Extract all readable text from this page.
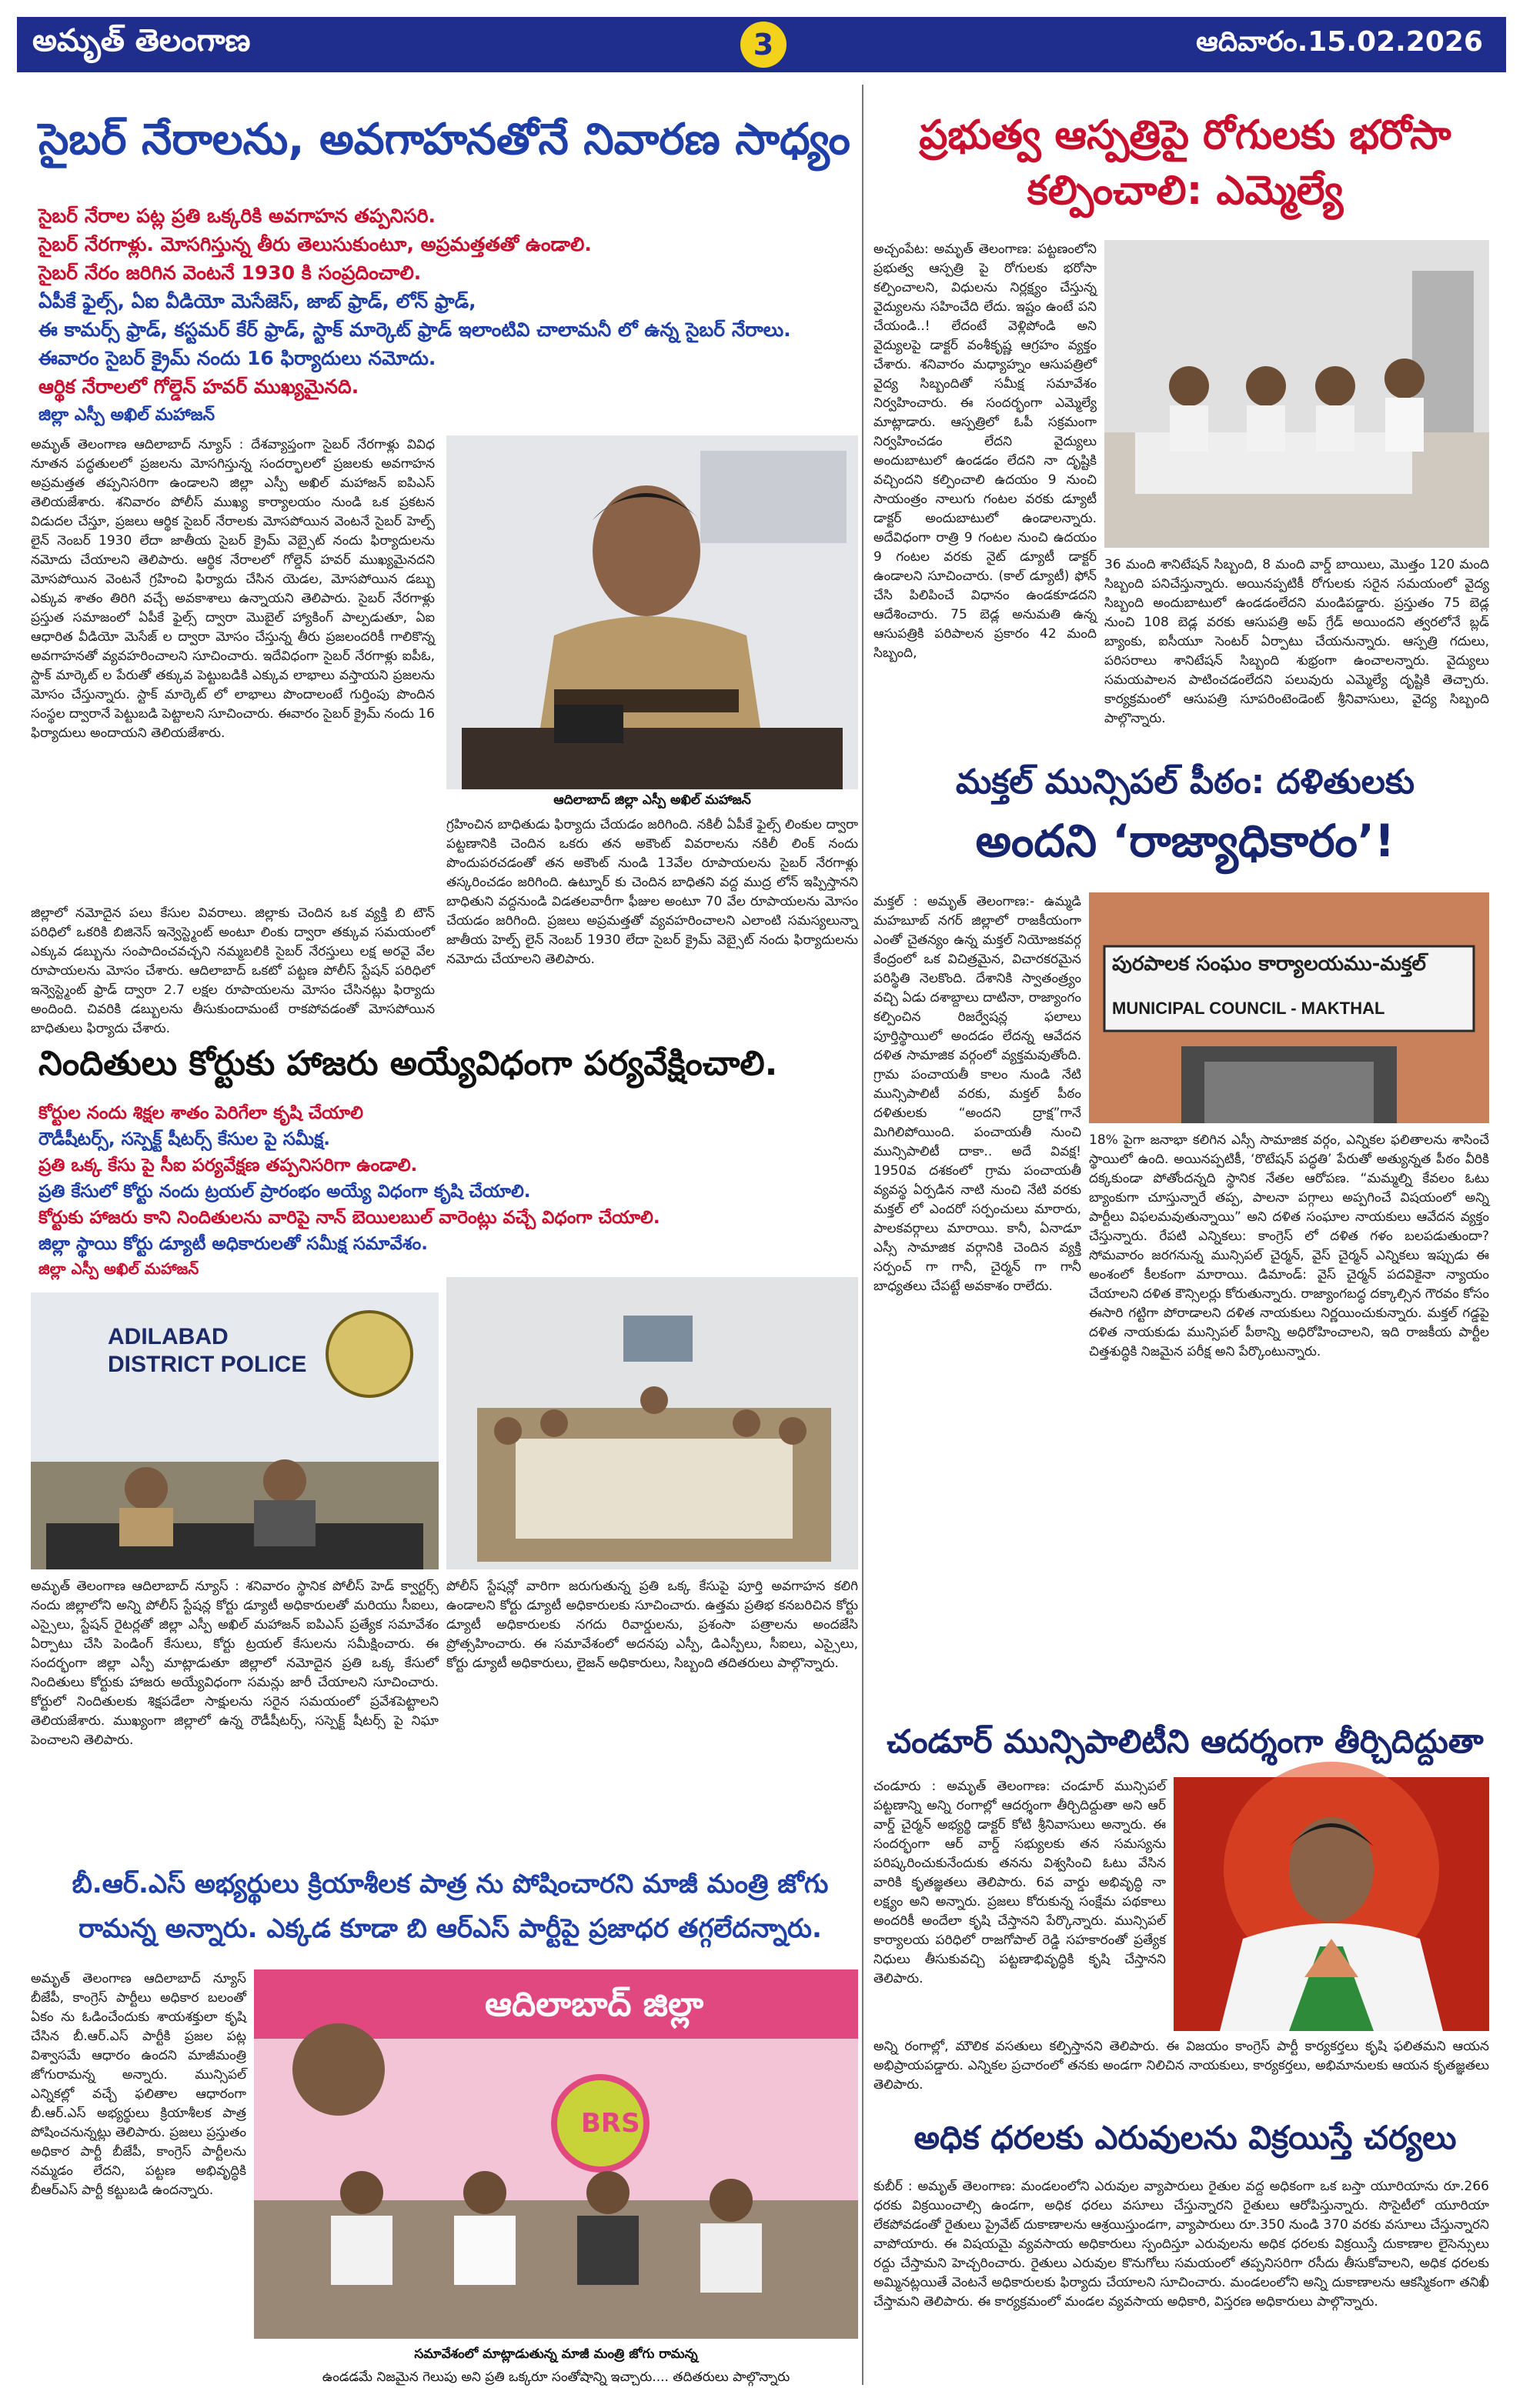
అమృత్ తెలంగాణ	3	ఆదివారం.15.02.2026
సైబర్ నేరాలను, అవగాహనతోనే నివారణ సాధ్యం

సైబర్ నేరాల పట్ల ప్రతి ఒక్కరికి అవగాహన తప్పనిసరి.

సైబర్ నేరగాళ్లు. మోసగిస్తున్న తీరు తెలుసుకుంటూ, అప్రమత్తతతో ఉండాలి.

సైబర్ నేరం జరిగిన వెంటనే 1930 కి సంప్రదించాలి.

ఏపీకే ఫైల్స్, ఏఐ వీడియో మెసేజెస్, జాబ్ ఫ్రాడ్, లోన్ ఫ్రాడ్,

ఈ కామర్స్ ఫ్రాడ్, కస్టమర్ కేర్ ఫ్రాడ్, స్టాక్ మార్కెట్ ఫ్రాడ్ ఇలాంటివి చాలామనీ లో ఉన్న సైబర్ నేరాలు.

ఈవారం సైబర్ క్రైమ్ నందు 16 ఫిర్యాదులు నమోదు.

ఆర్థిక నేరాలలో గోల్డెన్ హవర్ ముఖ్యమైనది.

జిల్లా ఎస్పీ అఖిల్ మహాజన్

అమృత్ తెలంగాణ ఆదిలాబాద్ న్యూస్ : దేశవ్యాప్తంగా సైబర్ నేరగాళ్లు వివిధ నూతన పద్ధతులలో ప్రజలను మోసగిస్తున్న సందర్భాలలో ప్రజలకు అవగాహన అప్రమత్తత తప్పనిసరిగా ఉండాలని జిల్లా ఎస్పీ అఖిల్ మహాజన్ ఐపిఎస్ తెలియజేశారు. శనివారం పోలీస్ ముఖ్య కార్యాలయం నుండి ఒక ప్రకటన విడుదల చేస్తూ, ప్రజలు ఆర్థిక సైబర్ నేరాలకు మోసపోయిన వెంటనే సైబర్ హెల్ప్ లైన్ నెంబర్ 1930 లేదా జాతీయ సైబర్ క్రైమ్ వెబ్సైట్ నందు ఫిర్యాదులను నమోదు చేయాలని తెలిపారు. ఆర్థిక నేరాలలో గోల్డెన్ హవర్ ముఖ్యమైనదని మోసపోయిన వెంటనే గ్రహించి ఫిర్యాదు చేసిన యెడల, మోసపోయిన డబ్బు ఎక్కువ శాతం తిరిగి వచ్చే అవకాశాలు ఉన్నాయని తెలిపారు. సైబర్ నేరగాళ్లు ప్రస్తుత సమాజంలో ఏపీకే ఫైల్స్ ద్వారా మొబైల్ హ్యాకింగ్ పాల్పడుతూ, ఏఐ ఆధారిత వీడియో మెసేజ్ ల ద్వారా మోసం చేస్తున్న తీరు ప్రజలందరికీ గాలికొన్న అవగాహనతో వ్యవహరించాలని సూచించారు. ఇదేవిధంగా సైబర్ నేరగాళ్లు ఐపీఓ, స్టాక్ మార్కెట్ ల పేరుతో తక్కువ పెట్టుబడికి ఎక్కువ లాభాలు వస్తాయని ప్రజలను మోసం చేస్తున్నారు. స్టాక్ మార్కెట్ లో లాభాలు పొందాలంటే గుర్తింపు పొందిన సంస్థల ద్వారానే పెట్టుబడి పెట్టాలని సూచించారు. ఈవారం సైబర్ క్రైమ్ నందు 16 ఫిర్యాదులు అందాయని తెలియజేశారు.
ఆదిలాబాద్ జిల్లా ఎస్పీ అఖిల్ మహాజన్
గ్రహించిన బాధితుడు ఫిర్యాదు చేయడం జరిగింది. నకిలీ ఏపీకే ఫైల్స్ లింకుల ద్వారా పట్టణానికి చెందిన ఒకరు తన అకౌంట్ వివరాలను నకిలీ లింక్ నందు పొందుపరచడంతో తన అకౌంట్ నుండి 13వేల రూపాయలను సైబర్ నేరగాళ్లు తస్కరించడం జరిగింది. ఉట్నూర్ కు చెందిన బాధితని వద్ద ముద్ర లోన్ ఇప్పిస్తానని బాధితుని వద్దనుండి విడతలవారీగా ఫీజుల అంటూ 70 వేల రూపాయలను మోసం చేయడం జరిగింది. ప్రజలు అప్రమత్తతో వ్యవహరించాలని ఎలాంటి సమస్యలున్నా జాతీయ హెల్ప్ లైన్ నెంబర్ 1930 లేదా సైబర్ క్రైమ్ వెబ్సైట్ నందు ఫిర్యాదులను నమోదు చేయాలని తెలిపారు.
జిల్లాలో నమోదైన పలు కేసుల వివరాలు. జిల్లాకు చెందిన ఒక వ్యక్తి బి టౌన్ పరిధిలో ఒకరికి బిజినెస్ ఇన్వెస్ట్మెంట్ అంటూ లింకు ద్వారా తక్కువ సమయంలో ఎక్కువ డబ్బును సంపాదించవచ్చని నమ్మబలికి సైబర్ నేరస్తులు లక్ష అరవై వేల రూపాయలను మోసం చేశారు. ఆదిలాబాద్ ఒకటో పట్టణ పోలీస్ స్టేషన్ పరిధిలో ఇన్వెస్ట్మెంట్ ఫ్రాడ్ ద్వారా 2.7 లక్షల రూపాయలను మోసం చేసినట్లు ఫిర్యాదు అందింది. చివరికి డబ్బులను తీసుకుందామంటే రాకపోవడంతో మోసపోయిన బాధితులు ఫిర్యాదు చేశారు.
నిందితులు కోర్టుకు హాజరు అయ్యేవిధంగా పర్యవేక్షించాలి.

కోర్టుల నందు శిక్షల శాతం పెరిగేలా కృషి చేయాలి

రౌడీషీటర్స్, సస్పెక్ట్ షీటర్స్ కేసుల పై సమీక్ష.

ప్రతి ఒక్క కేసు పై సీఐ పర్యవేక్షణ తప్పనిసరిగా ఉండాలి.

ప్రతి కేసులో కోర్టు నందు ట్రయల్ ప్రారంభం అయ్యే విధంగా కృషి చేయాలి.

కోర్టుకు హాజరు కాని నిందితులను వారిపై నాన్ బెయిలబుల్ వారెంట్లు వచ్చే విధంగా చేయాలి.

జిల్లా స్థాయి కోర్టు డ్యూటీ అధికారులతో సమీక్ష సమావేశం.

జిల్లా ఎస్పీ అఖిల్ మహాజన్

ADILABAD DISTRICT POLICE
అమృత్ తెలంగాణ ఆదిలాబాద్ న్యూస్ : శనివారం స్థానిక పోలీస్ హెడ్ క్వార్టర్స్ నందు జిల్లాలోని అన్ని పోలీస్ స్టేషన్ల కోర్టు డ్యూటీ అధికారులతో మరియు సీఐలు, ఎస్సైలు, స్టేషన్ రైటర్లతో జిల్లా ఎస్పీ అఖిల్ మహాజన్ ఐపిఎస్ ప్రత్యేక సమావేశం ఏర్పాటు చేసి పెండింగ్ కేసులు, కోర్టు ట్రయల్ కేసులను సమీక్షించారు. ఈ సందర్భంగా జిల్లా ఎస్పీ మాట్లాడుతూ జిల్లాలో నమోదైన ప్రతి ఒక్క కేసులో నిందితులు కోర్టుకు హాజరు అయ్యేవిధంగా సమన్లు జారీ చేయాలని సూచించారు. కోర్టులో నిందితులకు శిక్షపడేలా సాక్షులను సరైన సమయంలో ప్రవేశపెట్టాలని తెలియజేశారు. ముఖ్యంగా జిల్లాలో ఉన్న రౌడీషీటర్స్, సస్పెక్ట్ షీటర్స్ పై నిఘా పెంచాలని తెలిపారు.
పోలీస్ స్టేషన్లో వారిగా జరుగుతున్న ప్రతి ఒక్క కేసుపై పూర్తి అవగాహన కలిగి ఉండాలని కోర్టు డ్యూటీ అధికారులకు సూచించారు. ఉత్తమ ప్రతిభ కనబరిచిన కోర్టు డ్యూటీ అధికారులకు నగదు రివార్డులను, ప్రశంసా పత్రాలను అందజేసి ప్రోత్సహించారు. ఈ సమావేశంలో అదనపు ఎస్పీ, డిఎస్పీలు, సీఐలు, ఎస్సైలు, కోర్టు డ్యూటీ అధికారులు, లైజన్ అధికారులు, సిబ్బంది తదితరులు పాల్గొన్నారు.
బీ.ఆర్.ఎస్ అభ్యర్థులు క్రియాశీలక పాత్ర ను పోషించారని మాజీ మంత్రి జోగు రామన్న అన్నారు. ఎక్కడ కూడా బి ఆర్ఎస్ పార్టీపై ప్రజాధర తగ్గలేదన్నారు.
అమృత్ తెలంగాణ ఆదిలాబాద్ న్యూస్ బీజేపీ, కాంగ్రెస్ పార్టీలు అధికార బలంతో ఏకం ను ఓడించేందుకు శాయశక్తులా కృషి చేసిన బీ.ఆర్.ఎస్ పార్టీకి ప్రజల పట్ల విశ్వాసమే ఆధారం ఉందని మాజీమంత్రి జోగురామన్న అన్నారు. మున్సిపల్ ఎన్నికల్లో వచ్చే ఫలితాల ఆధారంగా బీ.ఆర్.ఎస్ అభ్యర్థులు క్రియాశీలక పాత్ర పోషించనున్నట్లు తెలిపారు. ప్రజలు ప్రస్తుతం అధికార పార్టీ బీజేపీ, కాంగ్రెస్ పార్టీలను నమ్మడం లేదని, పట్టణ అభివృద్ధికి బీఆర్ఎస్ పార్టీ కట్టుబడి ఉందన్నారు.
ఆదిలాబాద్ జిల్లా
BRS
సమావేశంలో మాట్లాడుతున్న మాజీ మంత్రి జోగు రామన్న
ఉండడమే నిజమైన గెలుపు అని ప్రతి ఒక్కరూ సంతోషాన్ని ఇచ్చారు.... తదితరులు పాల్గొన్నారు
ప్రభుత్వ ఆస్పత్రిపై రోగులకు భరోసా కల్పించాలి: ఎమ్మెల్యే
అచ్చంపేట: అమృత్ తెలంగాణ: పట్టణంలోని ప్రభుత్వ ఆస్పత్రి పై రోగులకు భరోసా కల్పించాలని, విధులను నిర్లక్ష్యం చేస్తున్న వైద్యులను సహించేది లేదు. ఇష్టం ఉంటే పని చేయండి..! లేదంటే వెళ్లిపోండి అని వైద్యులపై డాక్టర్ వంశీకృష్ణ ఆగ్రహం వ్యక్తం చేశారు. శనివారం మధ్యాహ్నం ఆసుపత్రిలో వైద్య సిబ్బందితో సమీక్ష సమావేశం నిర్వహించారు. ఈ సందర్భంగా ఎమ్మెల్యే మాట్లాడారు. ఆస్పత్రిలో ఓపీ సక్రమంగా నిర్వహించడం లేదని వైద్యులు అందుబాటులో ఉండడం లేదని నా దృష్టికి వచ్చిందని కల్పించాలి ఉదయం 9 నుంచి సాయంత్రం నాలుగు గంటల వరకు డ్యూటీ డాక్టర్ అందుబాటులో ఉండాలన్నారు. అదేవిధంగా రాత్రి 9 గంటల నుంచి ఉదయం 9 గంటల వరకు నైట్ డ్యూటీ డాక్టర్ ఉండాలని సూచించారు. (కాల్ డ్యూటీ) ఫోన్ చేసి పిలిపించే విధానం ఉండకూడదని ఆదేశించారు. 75 బెడ్ల అనుమతి ఉన్న ఆసుపత్రికి పరిపాలన ప్రకారం 42 మంది సిబ్బంది,
36 మంది శానిటేషన్ సిబ్బంది, 8 మంది వార్డ్ బాయిలు, మొత్తం 120 మంది సిబ్బంది పనిచేస్తున్నారు. అయినప్పటికీ రోగులకు సరైన సమయంలో వైద్య సిబ్బంది అందుబాటులో ఉండడంలేదని మండిపడ్డారు. ప్రస్తుతం 75 బెడ్ల నుంచి 108 బెడ్ల వరకు ఆసుపత్రి అప్ గ్రేడ్ అయిందని త్వరలోనే బ్లడ్ బ్యాంకు, ఐసీయూ సెంటర్ ఏర్పాటు చేయనున్నారు. ఆస్పత్రి గదులు, పరిసరాలు శానిటేషన్ సిబ్బంది శుభ్రంగా ఉంచాలన్నారు. వైద్యులు సమయపాలన పాటించడంలేదని పలువురు ఎమ్మెల్యే దృష్టికి తెచ్చారు. కార్యక్రమంలో ఆసుపత్రి సూపరింటెండెంట్ శ్రీనివాసులు, వైద్య సిబ్బంది పాల్గొన్నారు.
మక్తల్ మున్సిపల్ పీఠం: దళితులకు
అందని ‘రాజ్యాధికారం’!
మక్తల్ : అమృత్ తెలంగాణ:- ఉమ్మడి మహబూబ్ నగర్ జిల్లాలో రాజకీయంగా ఎంతో చైతన్యం ఉన్న మక్తల్ నియోజకవర్గ కేంద్రంలో ఒక విచిత్రమైన, విచారకరమైన పరిస్థితి నెలకొంది. దేశానికి స్వాతంత్ర్యం వచ్చి ఏడు దశాబ్దాలు దాటినా, రాజ్యాంగం కల్పించిన రిజర్వేషన్ల ఫలాలు పూర్తిస్థాయిలో అందడం లేదన్న ఆవేదన దళిత సామాజిక వర్గంలో వ్యక్తమవుతోంది. గ్రామ పంచాయతీ కాలం నుండి నేటి మున్సిపాలిటీ వరకు, మక్తల్ పీఠం దళితులకు “అందని ద్రాక్ష”గానే మిగిలిపోయింది. పంచాయతీ నుంచి మున్సిపాలిటీ దాకా.. అదే వివక్ష! 1950వ దశకంలో గ్రామ పంచాయతీ వ్యవస్థ ఏర్పడిన నాటి నుంచి నేటి వరకు మక్తల్ లో ఎందరో సర్పంచులు మారారు, పాలకవర్గాలు మారాయి. కానీ, ఏనాడూ ఎస్సీ సామాజిక వర్గానికి చెందిన వ్యక్తి సర్పంచ్ గా గానీ, చైర్మన్ గా గానీ బాధ్యతలు చేపట్టే అవకాశం రాలేదు.
పురపాలక సంఘం కార్యాలయము-మక్తల్
MUNICIPAL COUNCIL - MAKTHAL
18% పైగా జనాభా కలిగిన ఎస్సీ సామాజిక వర్గం, ఎన్నికల ఫలితాలను శాసించే స్థాయిలో ఉంది. అయినప్పటికీ, ‘రొటేషన్ పద్ధతి’ పేరుతో అత్యున్నత పీఠం వీరికి దక్కకుండా పోతోందన్నది స్థానిక నేతల ఆరోపణ. “మమ్మల్ని కేవలం ఓటు బ్యాంకుగా చూస్తున్నారే తప్ప, పాలనా పగ్గాలు అప్పగించే విషయంలో అన్ని పార్టీలు విఫలమవుతున్నాయి” అని దళిత సంఘాల నాయకులు ఆవేదన వ్యక్తం చేస్తున్నారు. రేపటి ఎన్నికలు: కాంగ్రెస్ లో దళిత గళం బలపడుతుందా? సోమవారం జరగనున్న మున్సిపల్ చైర్మన్, వైస్ చైర్మన్ ఎన్నికలు ఇప్పుడు ఈ అంశంలో కీలకంగా మారాయి. డిమాండ్: వైస్ చైర్మన్ పదవికైనా న్యాయం చేయాలని దళిత కౌన్సిలర్లు కోరుతున్నారు. రాజ్యాంగబద్ధ దక్కాల్సిన గౌరవం కోసం ఈసారి గట్టిగా పోరాడాలని దళిత నాయకులు నిర్ణయించుకున్నారు. మక్తల్ గడ్డపై దళిత నాయకుడు మున్సిపల్ పీఠాన్ని అధిరోహించాలని, ఇది రాజకీయ పార్టీల చిత్తశుద్ధికి నిజమైన పరీక్ష అని పేర్కొంటున్నారు.
చండూర్ మున్సిపాలిటీని ఆదర్శంగా తీర్చిదిద్దుతా
చండూరు : అమృత్ తెలంగాణ: చండూర్ మున్సిపల్ పట్టణాన్ని అన్ని రంగాల్లో ఆదర్శంగా తీర్చిదిద్దుతా అని ఆర్ వార్డ్ చైర్మన్ అభ్యర్థి డాక్టర్ కోటి శ్రీనివాసులు అన్నారు. ఈ సందర్భంగా ఆర్ వార్డ్ సభ్యులకు తన సమస్యను పరిష్కరించుకునేందుకు తనను విశ్వసించి ఓటు వేసిన వారికి కృతజ్ఞతలు తెలిపారు. 6వ వార్డు అభివృద్ధి నా లక్ష్యం అని అన్నారు. ప్రజలు కోరుకున్న సంక్షేమ పథకాలు అందరికీ అందేలా కృషి చేస్తానని పేర్కొన్నారు. మున్సిపల్ కార్యాలయ పరిధిలో రాజగోపాల్ రెడ్డి సహకారంతో ప్రత్యేక నిధులు తీసుకువచ్చి పట్టణాభివృద్ధికి కృషి చేస్తానని తెలిపారు.
అన్ని రంగాల్లో, మౌలిక వసతులు కల్పిస్తానని తెలిపారు. ఈ విజయం కాంగ్రెస్ పార్టీ కార్యకర్తలు కృషి ఫలితమని ఆయన అభిప్రాయపడ్డారు. ఎన్నికల ప్రచారంలో తనకు అండగా నిలిచిన నాయకులు, కార్యకర్తలు, అభిమానులకు ఆయన కృతజ్ఞతలు తెలిపారు.
అధిక ధరలకు ఎరువులను విక్రయిస్తే చర్యలు
కుబీర్ : అమృత్ తెలంగాణ: మండలంలోని ఎరువుల వ్యాపారులు రైతుల వద్ద అధికంగా ఒక బస్తా యూరియాను రూ.266 ధరకు విక్రయించాల్సి ఉండగా, అధిక ధరలు వసూలు చేస్తున్నారని రైతులు ఆరోపిస్తున్నారు. సొసైటీలో యూరియా లేకపోవడంతో రైతులు ప్రైవేట్ దుకాణాలను ఆశ్రయిస్తుండగా, వ్యాపారులు రూ.350 నుండి 370 వరకు వసూలు చేస్తున్నారని వాపోయారు. ఈ విషయమై వ్యవసాయ అధికారులు స్పందిస్తూ ఎరువులను అధిక ధరలకు విక్రయిస్తే దుకాణాల లైసెన్సులు రద్దు చేస్తామని హెచ్చరించారు. రైతులు ఎరువుల కొనుగోలు సమయంలో తప్పనిసరిగా రసీదు తీసుకోవాలని, అధిక ధరలకు అమ్మినట్లయితే వెంటనే అధికారులకు ఫిర్యాదు చేయాలని సూచించారు. మండలంలోని అన్ని దుకాణాలను ఆకస్మికంగా తనిఖీ చేస్తామని తెలిపారు. ఈ కార్యక్రమంలో మండల వ్యవసాయ అధికారి, విస్తరణ అధికారులు పాల్గొన్నారు.
